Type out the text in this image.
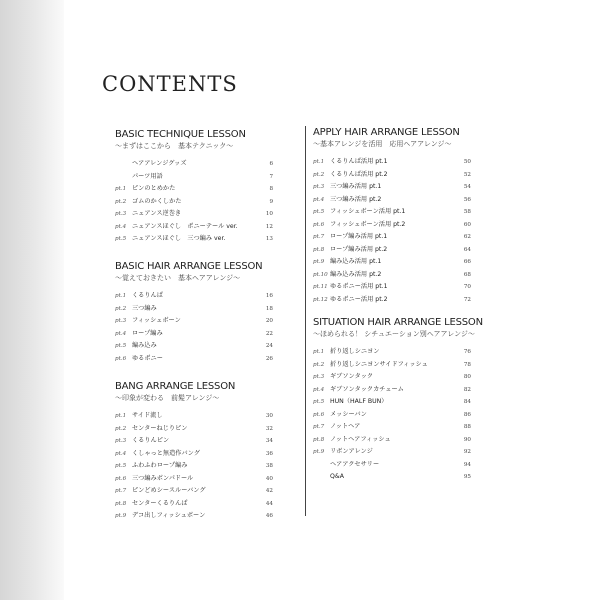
CONTENTS
BASIC TECHNIQUE LESSON
～まずはここから　基本テクニック～
ヘアアレンジグッズ	6
パーツ用語	7
pt.1 ピンのとめかた	8
pt.2 ゴムのかくしかた	9
pt.3 ニュアンス逆巻き	10
pt.4 ニュアンスほぐし　ポニーテール ver.	12
pt.5 ニュアンスほぐし　三つ編み ver.	13
BASIC HAIR ARRANGE LESSON
～覚えておきたい　基本ヘアアレンジ～
pt.1 くるりんぱ	16
pt.2 三つ編み	18
pt.3 フィッシュボーン	20
pt.4 ロープ編み	22
pt.5 編み込み	24
pt.6 ゆるポニー	26
BANG ARRANGE LESSON
～印象が変わる　前髪アレンジ～
pt.1 サイド流し	30
pt.2 センターねじりピン	32
pt.3 くるりんピン	34
pt.4 くしゃっと無造作バング	36
pt.5 ふわふわロープ編み	38
pt.6 三つ編みボンパドール	40
pt.7 ピンどめシースルーバング	42
pt.8 センターくるりんぱ	44
pt.9 デコ出しフィッシュボーン	46
APPLY HAIR ARRANGE LESSON
～基本アレンジを活用　応用ヘアアレンジ～
pt.1 くるりんぱ活用 pt.1	50
pt.2 くるりんぱ活用 pt.2	52
pt.3 三つ編み活用 pt.1	54
pt.4 三つ編み活用 pt.2	56
pt.5 フィッシュボーン活用 pt.1	58
pt.6 フィッシュボーン活用 pt.2	60
pt.7 ロープ編み活用 pt.1	62
pt.8 ロープ編み活用 pt.2	64
pt.9 編み込み活用 pt.1	66
pt.10 編み込み活用 pt.2	68
pt.11 ゆるポニー活用 pt.1	70
pt.12 ゆるポニー活用 pt.2	72
SITUATION HAIR ARRANGE LESSON
～ほめられる！ シチュエーション別ヘアアレンジ～
pt.1 折り返しシニヨン	76
pt.2 折り返しシニヨンサイドフィッシュ	78
pt.3 ギブソンタック	80
pt.4 ギブソンタックカチューム	82
pt.5 HUN（HALF BUN）	84
pt.6 メッシーバン	86
pt.7 ノットヘア	88
pt.8 ノットヘアフィッシュ	90
pt.9 リボンアレンジ	92
ヘアアクセサリー	94
Q&A	95
